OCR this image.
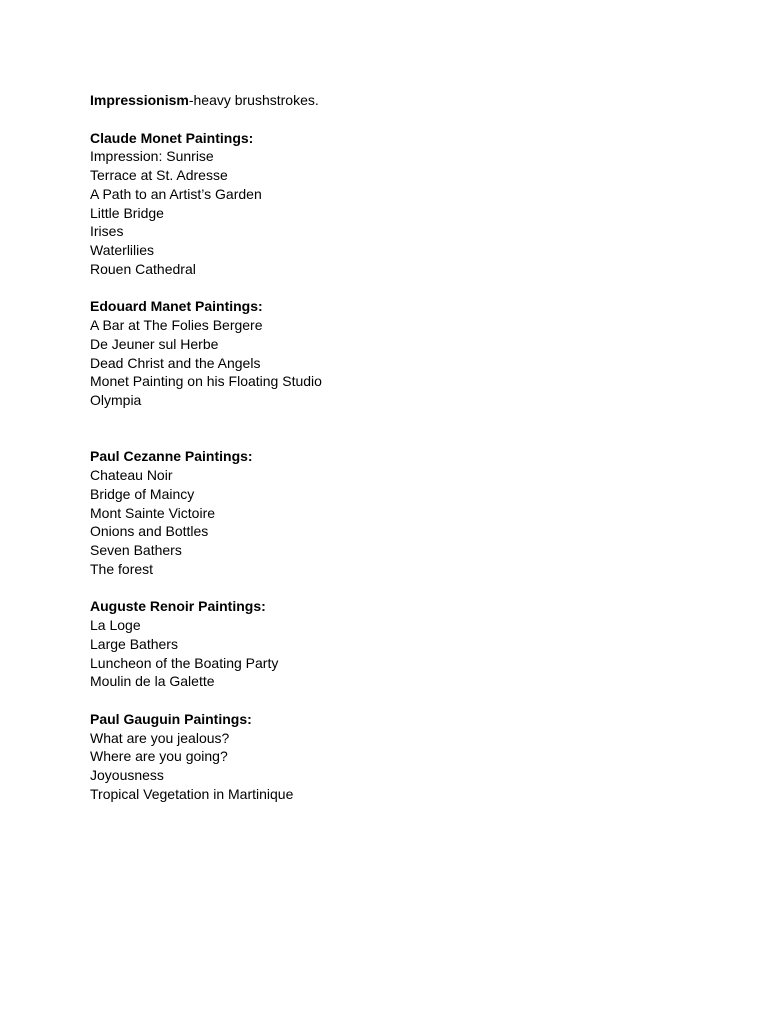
Impressionism-heavy brushstrokes.
Claude Monet Paintings:
Impression: Sunrise
Terrace at St. Adresse
A Path to an Artist’s Garden
Little Bridge
Irises
Waterlilies
Rouen Cathedral
Edouard Manet Paintings:
A Bar at The Folies Bergere
De Jeuner sul Herbe
Dead Christ and the Angels
Monet Painting on his Floating Studio
Olympia
Paul Cezanne Paintings:
Chateau Noir
Bridge of Maincy
Mont Sainte Victoire
Onions and Bottles
Seven Bathers
The forest
Auguste Renoir Paintings:
La Loge
Large Bathers
Luncheon of the Boating Party
Moulin de la Galette
Paul Gauguin Paintings:
What are you jealous?
Where are you going?
Joyousness
Tropical Vegetation in Martinique
